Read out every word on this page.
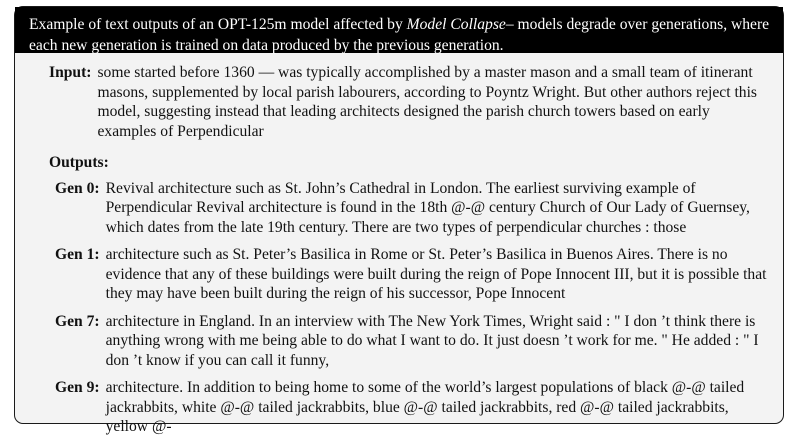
Example of text outputs of an OPT-125m model affected by Model Collapse– models degrade over generations, where each new generation is trained on data produced by the previous generation.
Input: some started before 1360 — was typically accomplished by a master mason and a small team of itinerant masons, supplemented by local parish labourers, according to Poyntz Wright. But other authors reject this model, suggesting instead that leading architects designed the parish church towers based on early examples of Perpendicular
Outputs:
Gen 0: Revival architecture such as St. John’s Cathedral in London. The earliest surviving example of Perpendicular Revival architecture is found in the 18th @-@ century Church of Our Lady of Guernsey, which dates from the late 19th century. There are two types of perpendicular churches : those
Gen 1: architecture such as St. Peter’s Basilica in Rome or St. Peter’s Basilica in Buenos Aires. There is no evidence that any of these buildings were built during the reign of Pope Innocent III, but it is possible that they may have been built during the reign of his successor, Pope Innocent
Gen 7: architecture in England. In an interview with The New York Times, Wright said : " I don ’t think there is anything wrong with me being able to do what I want to do. It just doesn ’t work for me. " He added : " I don ’t know if you can call it funny,
Gen 9: architecture. In addition to being home to some of the world’s largest populations of black @-@ tailed jackrabbits, white @-@ tailed jackrabbits, blue @-@ tailed jackrabbits, red @-@ tailed jackrabbits, yellow @-
